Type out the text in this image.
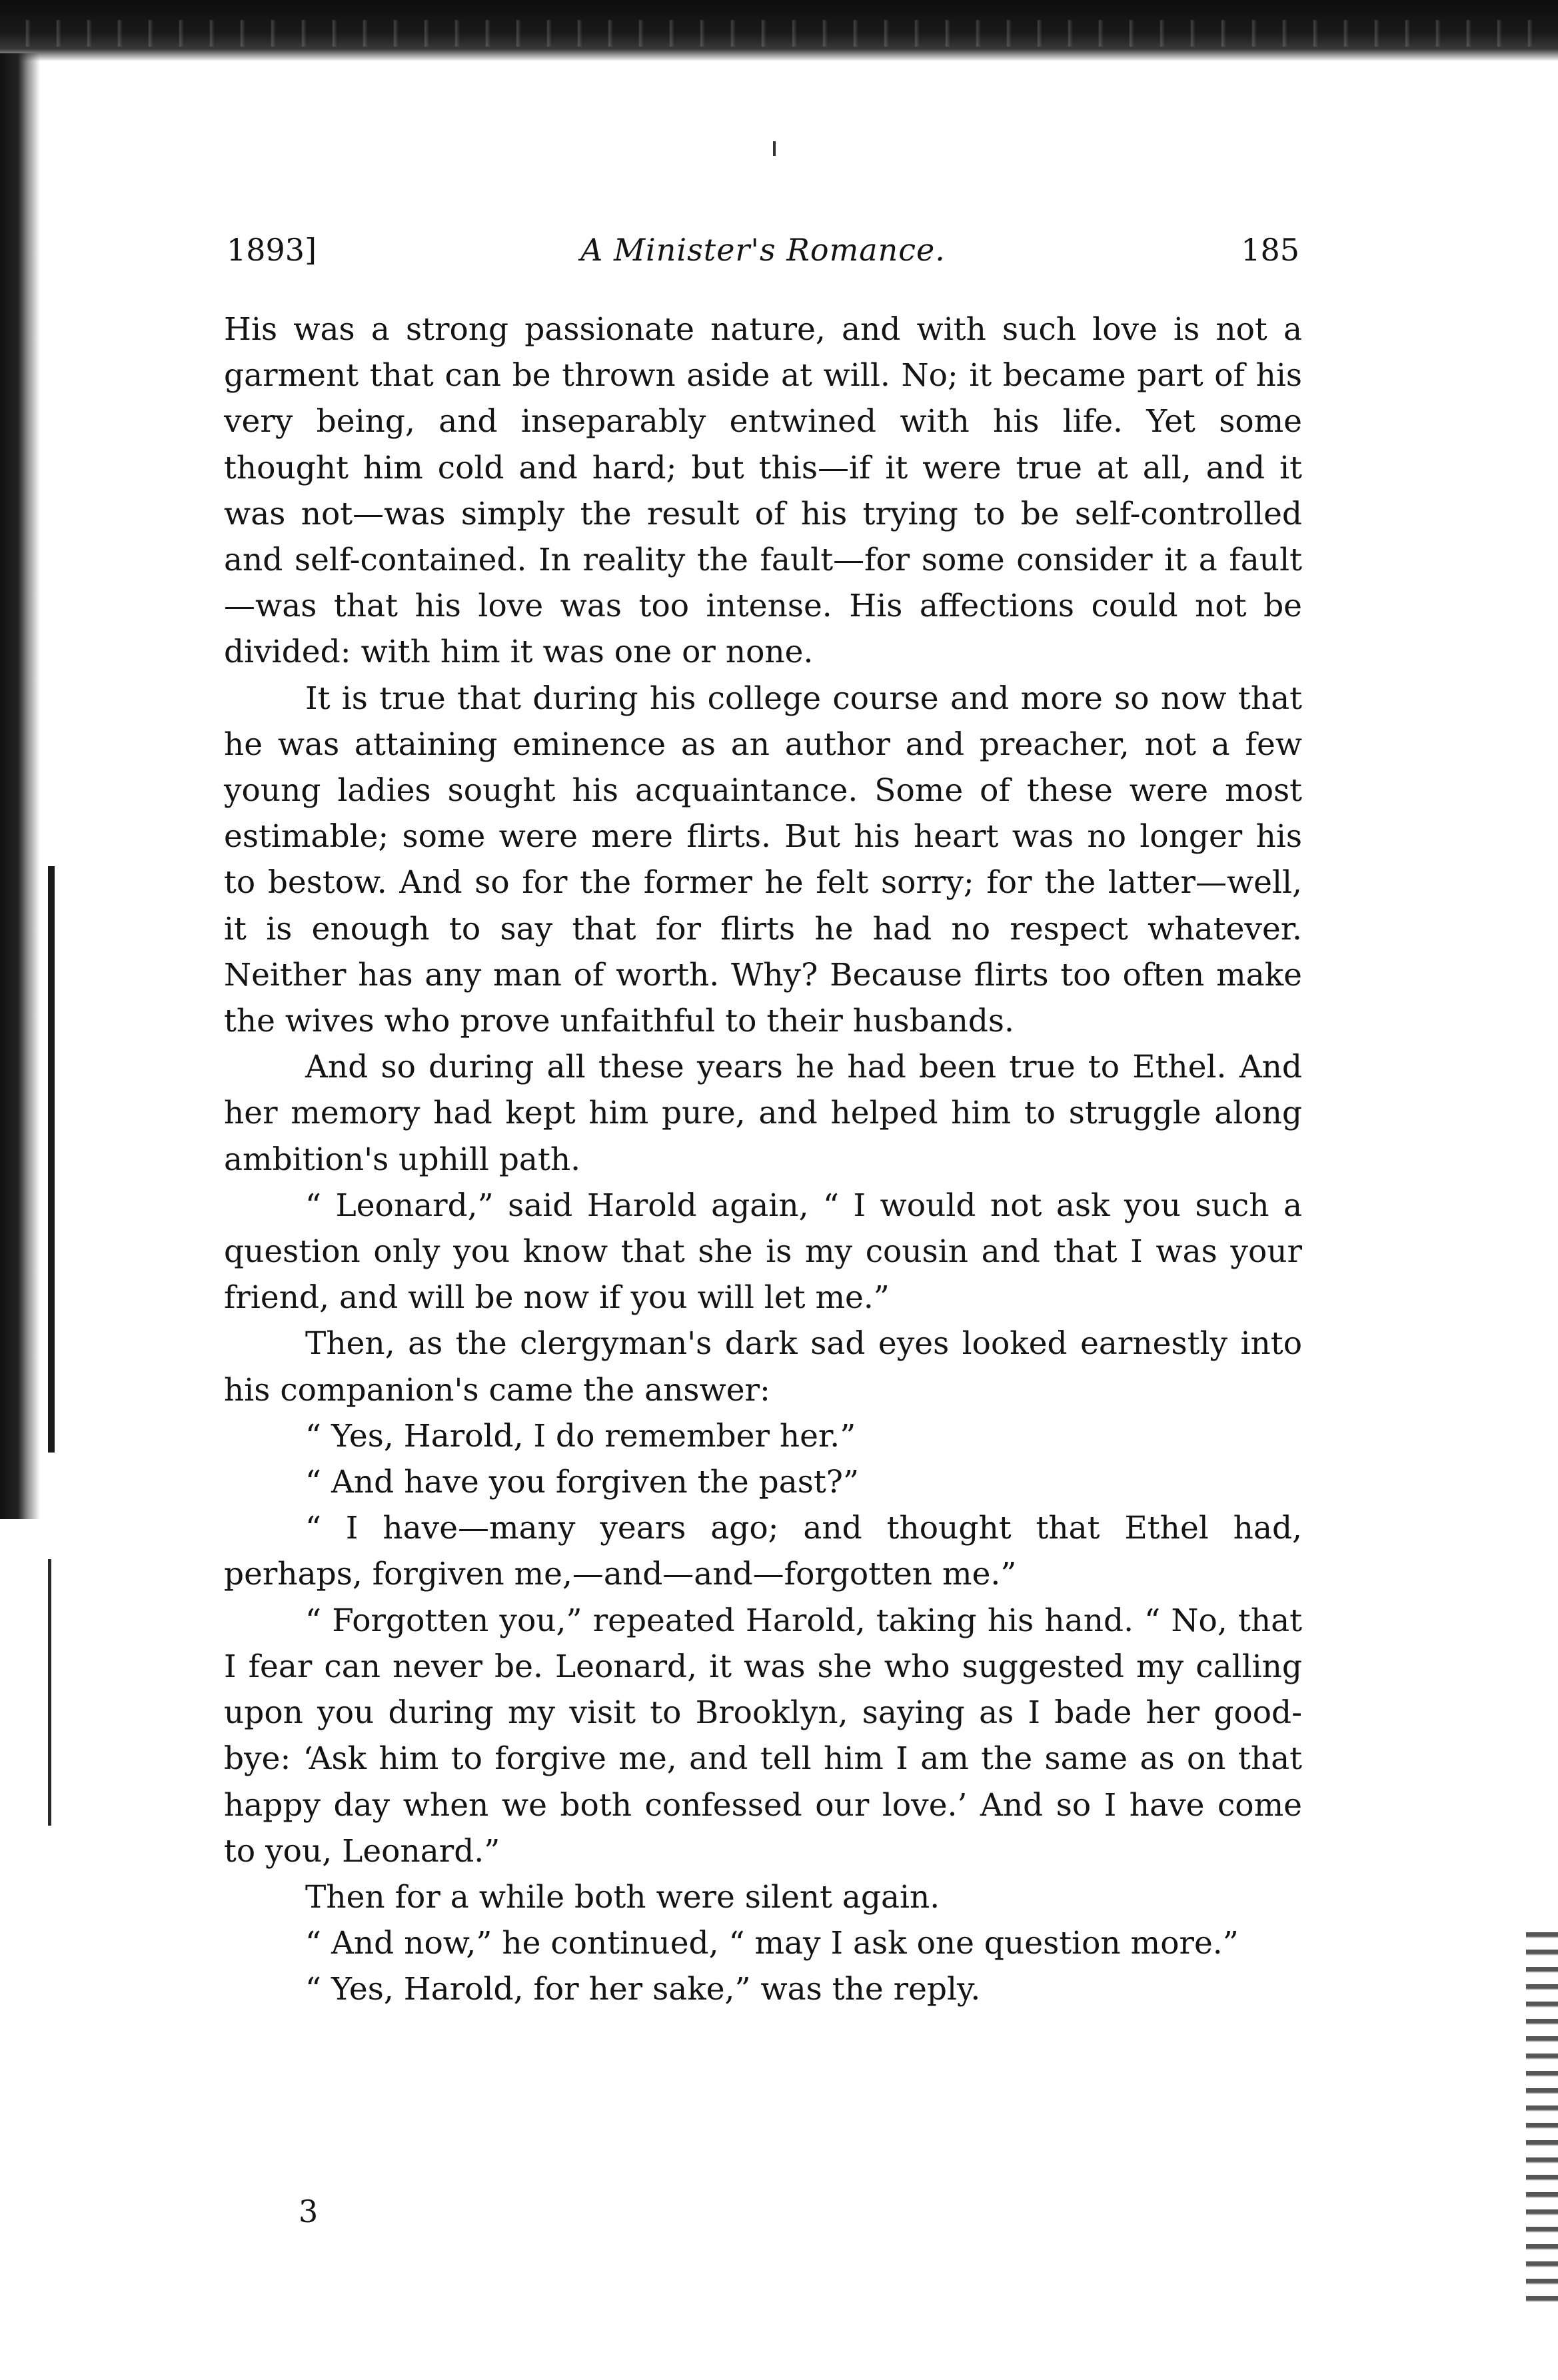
1893]	A Minister's Romance.	185

His was a strong passionate nature, and with such love is not a garment that can be thrown aside at will. No; it became part of his very being, and inseparably entwined with his life. Yet some thought him cold and hard; but this—if it were true at all, and it was not—was simply the result of his trying to be self-controlled and self-contained. In reality the fault—for some consider it a fault—was that his love was too intense. His affections could not be divided: with him it was one or none.

It is true that during his college course and more so now that he was attaining eminence as an author and preacher, not a few young ladies sought his acquaintance. Some of these were most estimable; some were mere flirts. But his heart was no longer his to bestow. And so for the former he felt sorry; for the latter—well, it is enough to say that for flirts he had no respect whatever. Neither has any man of worth. Why? Because flirts too often make the wives who prove unfaithful to their husbands.

And so during all these years he had been true to Ethel. And her memory had kept him pure, and helped him to struggle along ambition's uphill path.

“ Leonard,” said Harold again, “ I would not ask you such a question only you know that she is my cousin and that I was your friend, and will be now if you will let me.”

Then, as the clergyman's dark sad eyes looked earnestly into his companion's came the answer:

“ Yes, Harold, I do remember her.”

“ And have you forgiven the past?”

“ I have—many years ago; and thought that Ethel had, perhaps, forgiven me,—and—and—forgotten me.”

“ Forgotten you,” repeated Harold, taking his hand. “ No, that I fear can never be. Leonard, it was she who suggested my calling upon you during my visit to Brooklyn, saying as I bade her good-bye: ‘Ask him to forgive me, and tell him I am the same as on that happy day when we both confessed our love.’ And so I have come to you, Leonard.”

Then for a while both were silent again.

“ And now,” he continued, “ may I ask one question more.”

“ Yes, Harold, for her sake,” was the reply.

3
